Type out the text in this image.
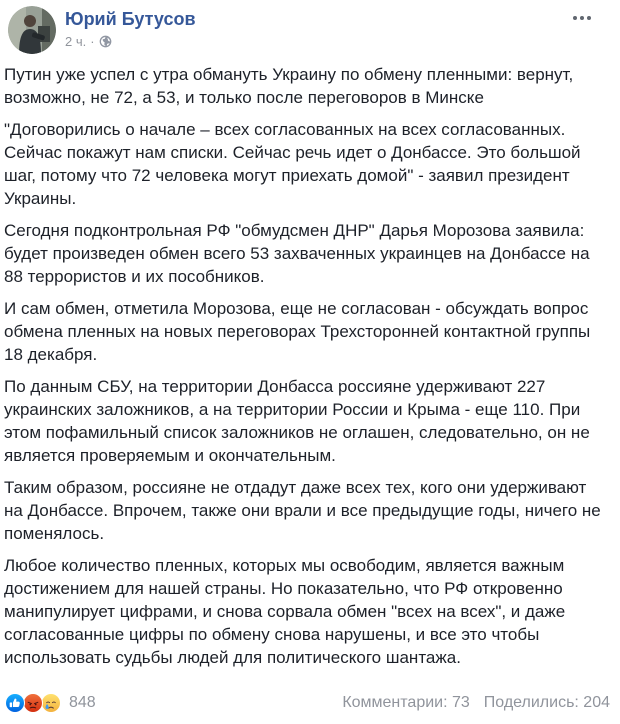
Юрий Бутусов
2 ч. ·

Путин уже успел с утра обмануть Украину по обмену пленными: вернут, возможно, не 72, а 53, и только после переговоров в Минске

"Договорились о начале – всех согласованных на всех согласованных. Сейчас покажут нам списки. Сейчас речь идет о Донбассе. Это большой шаг, потому что 72 человека могут приехать домой" - заявил президент Украины.

Сегодня подконтрольная РФ "обмудсмен ДНР" Дарья Морозова заявила: будет произведен обмен всего 53 захваченных украинцев на Донбассе на 88 террористов и их пособников.

И сам обмен, отметила Морозова, еще не согласован - обсуждать вопрос обмена пленных на новых переговорах Трехсторонней контактной группы 18 декабря.

По данным СБУ, на территории Донбасса россияне удерживают 227 украинских заложников, а на территории России и Крыма - еще 110. При этом пофамильный список заложников не оглашен, следовательно, он не является проверяемым и окончательным.

Таким образом, россияне не отдадут даже всех тех, кого они удерживают на Донбассе. Впрочем, также они врали и все предыдущие годы, ничего не поменялось.

Любое количество пленных, которых мы освободим, является важным достижением для нашей страны. Но показательно, что РФ откровенно манипулирует цифрами, и снова сорвала обмен "всех на всех", и даже согласованные цифры по обмену снова нарушены, и все это чтобы использовать судьбы людей для политического шантажа.

848	Комментарии: 73 Поделились: 204
